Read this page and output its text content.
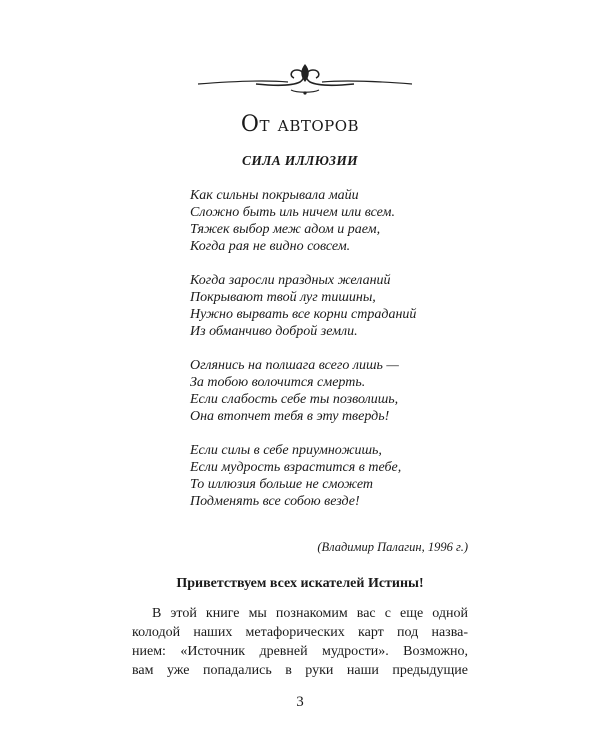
От авторов
СИЛА ИЛЛЮЗИИ
Как сильны покрывала майи
Сложно быть иль ничем или всем.
Тяжек выбор меж адом и раем,
Когда рая не видно совсем.
Когда заросли праздных желаний
Покрывают твой луг тишины,
Нужно вырвать все корни страданий
Из обманчиво доброй земли.
Оглянись на полшага всего лишь —
За тобою волочится смерть.
Если слабость себе ты позволишь,
Она втопчет тебя в эту твердь!
Если силы в себе приумножишь,
Если мудрость взрастится в тебе,
То иллюзия больше не сможет
Подменять все собою везде!
(Владимир Палагин, 1996 г.)
Приветствуем всех искателей Истины!
В этой книге мы познакомим вас с еще одной
колодой наших метафорических карт под назва-
нием: «Источник древней мудрости». Возможно,
вам уже попадались в руки наши предыдущие
3
